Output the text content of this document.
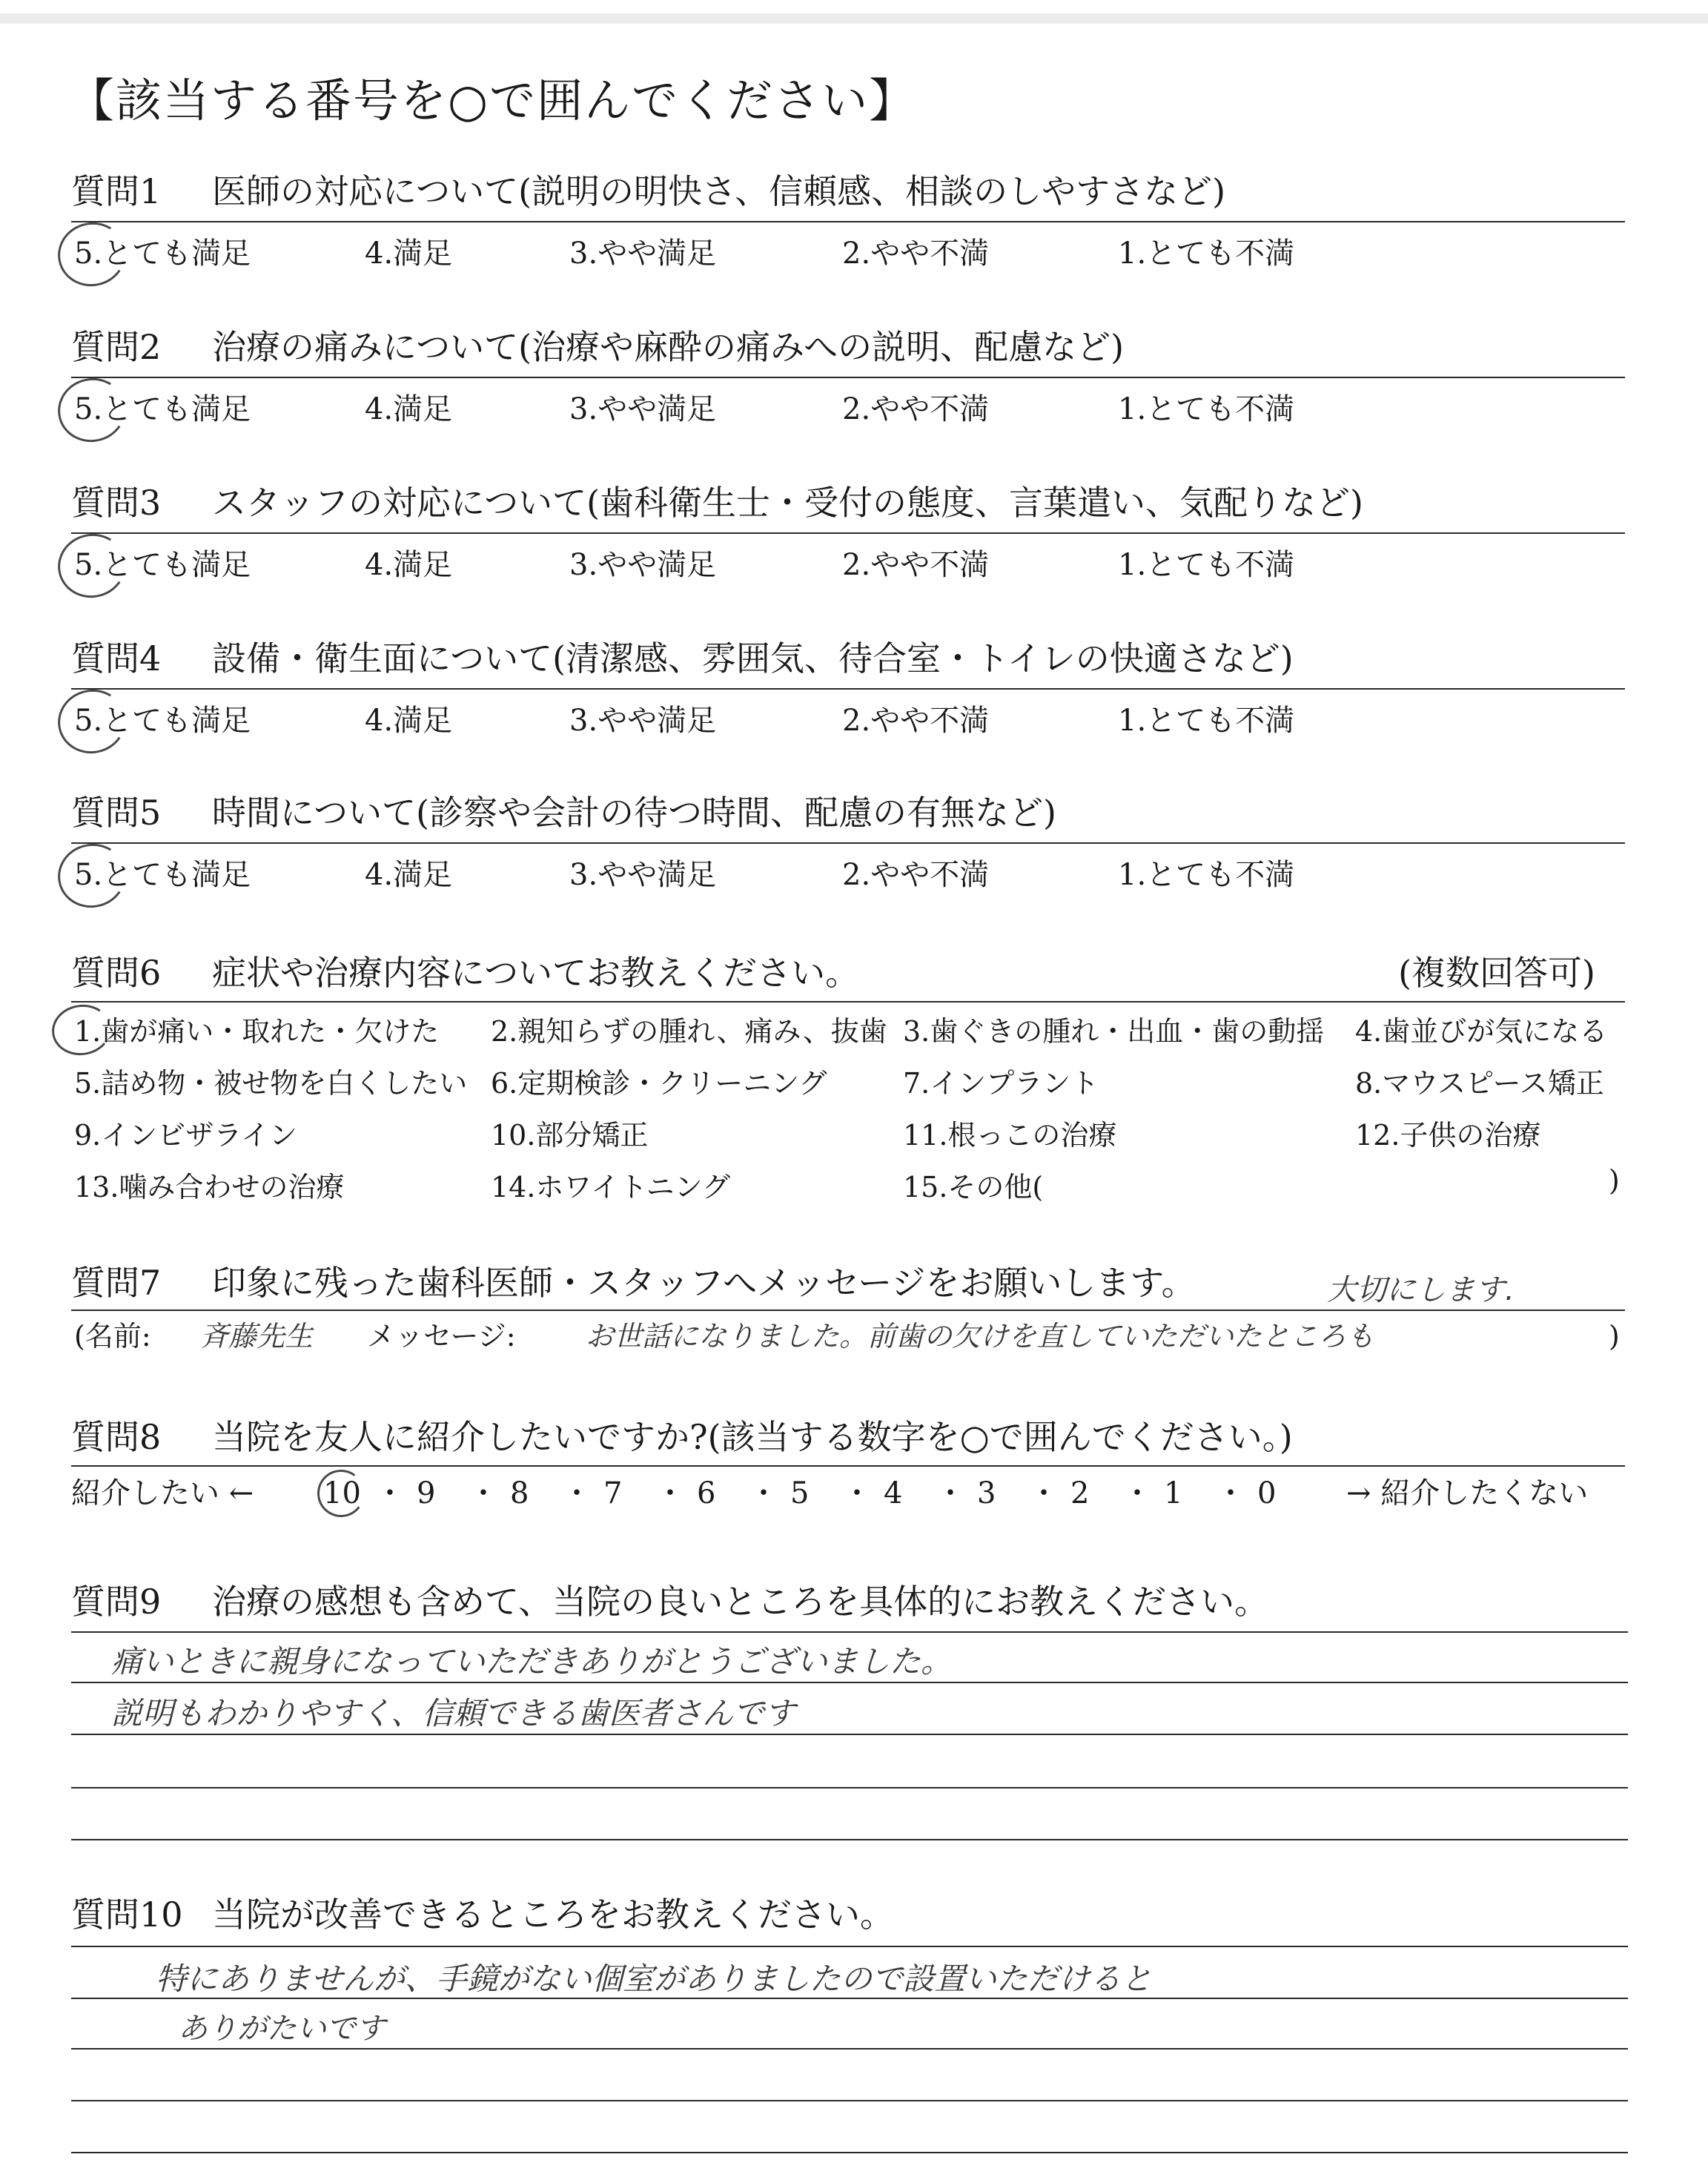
【該当する番号を○で囲んでください】
質問1 医師の対応について(説明の明快さ、信頼感、相談のしやすさなど)
5.とても満足	4.満足	3.やや満足	2.やや不満	1.とても不満
質問2 治療の痛みについて(治療や麻酔の痛みへの説明、配慮など)
5.とても満足	4.満足	3.やや満足	2.やや不満	1.とても不満
質問3 スタッフの対応について(歯科衛生士・受付の態度、言葉遣い、気配りなど)
5.とても満足	4.満足	3.やや満足	2.やや不満	1.とても不満
質問4 設備・衛生面について(清潔感、雰囲気、待合室・トイレの快適さなど)
5.とても満足	4.満足	3.やや満足	2.やや不満	1.とても不満
質問5 時間について(診察や会計の待つ時間、配慮の有無など)
5.とても満足	4.満足	3.やや満足	2.やや不満	1.とても不満
質問6 症状や治療内容についてお教えください。	(複数回答可)
1.歯が痛い・取れた・欠けた 2.親知らずの腫れ、痛み、抜歯 3.歯ぐきの腫れ・出血・歯の動揺 4.歯並びが気になる
5.詰め物・被せ物を白くしたい 6.定期検診・クリーニング	7.インプラント	8.マウスピース矯正
9.インビザライン	10.部分矯正	11.根っこの治療	12.子供の治療
13.噛み合わせの治療	14.ホワイトニング	15.その他(	)
質問7 印象に残った歯科医師・スタッフへメッセージをお願いします。	大切にします.
(名前: 斉藤先生 メッセージ: お世話になりました。前歯の欠けを直していただいたところも	)
質問8 当院を友人に紹介したいですか?(該当する数字を○で囲んでください。)
紹介したい ←	→ 紹介したくない
10 ・ 9 ・ 8 ・ 7 ・ 6 ・ 5 ・ 4 ・ 3 ・ 2 ・ 1 ・ 0
質問9 治療の感想も含めて、当院の良いところを具体的にお教えください。
痛いときに親身になっていただきありがとうございました。
説明もわかりやすく、信頼できる歯医者さんです
質問10 当院が改善できるところをお教えください。
特にありませんが、手鏡がない個室がありましたので設置いただけると
ありがたいです
